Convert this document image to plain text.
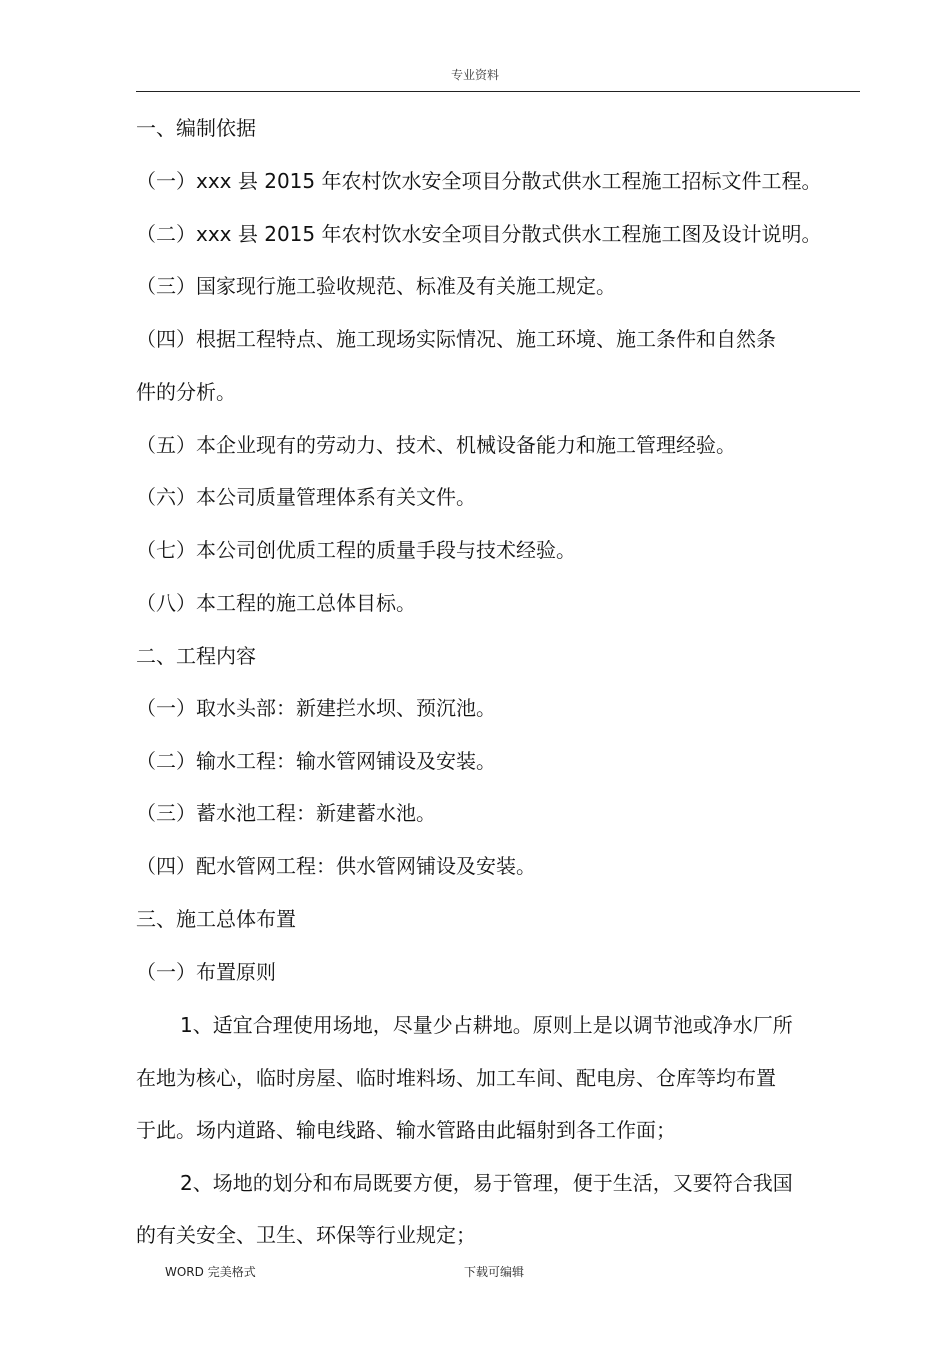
专业资料
一、编制依据
（一）xxx 县 2015 年农村饮水安全项目分散式供水工程施工招标文件工程。
（二）xxx 县 2015 年农村饮水安全项目分散式供水工程施工图及设计说明。
（三）国家现行施工验收规范、标准及有关施工规定。
（四）根据工程特点、施工现场实际情况、施工环境、施工条件和自然条
件的分析。
（五）本企业现有的劳动力、技术、机械设备能力和施工管理经验。
（六）本公司质量管理体系有关文件。
（七）本公司创优质工程的质量手段与技术经验。
（八）本工程的施工总体目标。
二、工程内容
（一）取水头部：新建拦水坝、预沉池。
（二）输水工程：输水管网铺设及安装。
（三）蓄水池工程：新建蓄水池。
（四）配水管网工程：供水管网铺设及安装。
三、施工总体布置
（一）布置原则
1、适宜合理使用场地，尽量少占耕地。原则上是以调节池或净水厂所
在地为核心，临时房屋、临时堆料场、加工车间、配电房、仓库等均布置
于此。场内道路、输电线路、输水管路由此辐射到各工作面；
2、场地的划分和布局既要方便，易于管理，便于生活，又要符合我国
的有关安全、卫生、环保等行业规定；
WORD 完美格式	下载可编辑
